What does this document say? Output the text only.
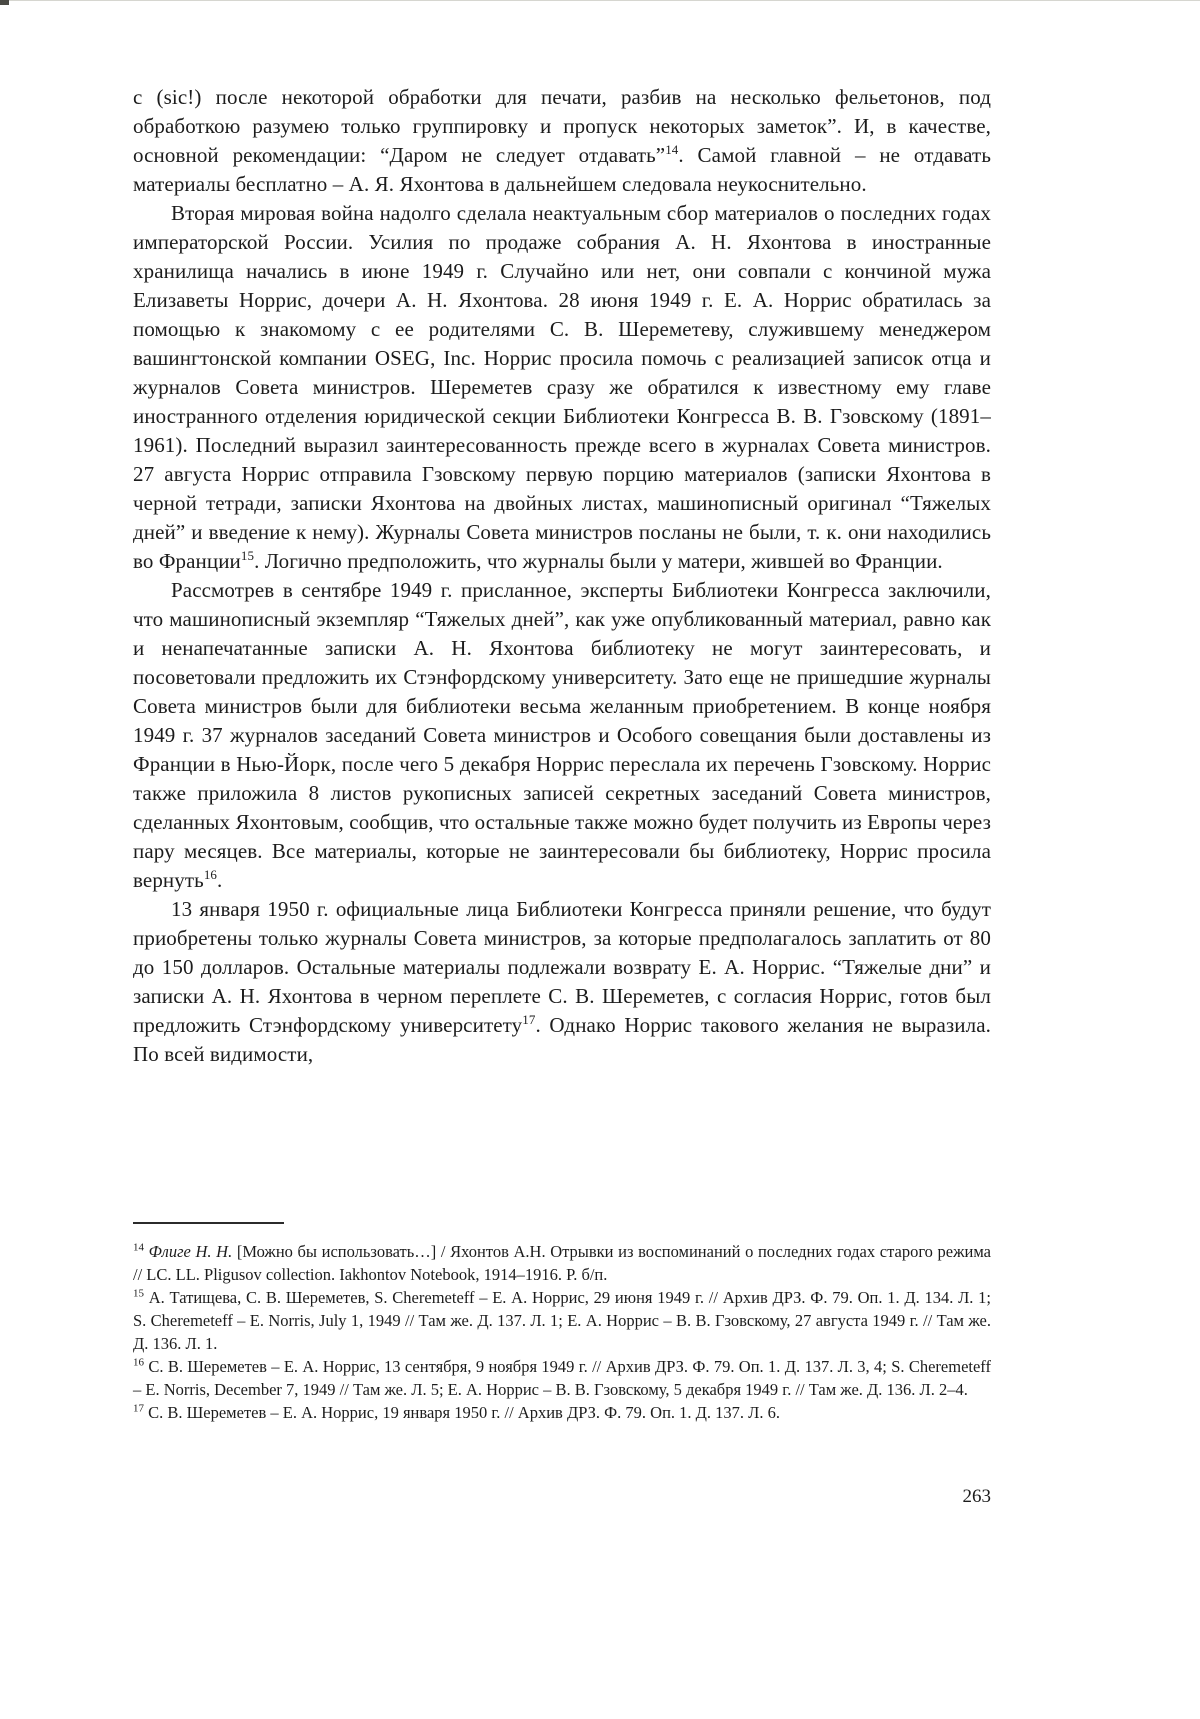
с (sic!) после некоторой обработки для печати, разбив на несколько фельетонов, под обработкою разумею только группировку и пропуск некоторых заметок”. И, в качестве, основной рекомендации: “Даром не следует отдавать”$^{14}$. Самой главной – не отдавать материалы бесплатно – А. Я. Яхонтова в дальнейшем следовала неукоснительно.

Вторая мировая война надолго сделала неактуальным сбор материалов о последних годах императорской России. Усилия по продаже собрания А. Н. Яхонтова в иностранные хранилища начались в июне 1949 г. Случайно или нет, они совпали с кончиной мужа Елизаветы Норрис, дочери А. Н. Яхонтова. 28 июня 1949 г. Е. А. Норрис обратилась за помощью к знакомому с ее родителями С. В. Шереметеву, служившему менеджером вашингтонской компании OSEG, Inc. Норрис просила помочь с реализацией записок отца и журналов Совета министров. Шереметев сразу же обратился к известному ему главе иностранного отделения юридической секции Библиотеки Конгресса В. В. Гзовскому (1891–1961). Последний выразил заинтересованность прежде всего в журналах Совета министров. 27 августа Норрис отправила Гзовскому первую порцию материалов (записки Яхонтова в черной тетради, записки Яхонтова на двойных листах, машинописный оригинал “Тяжелых дней” и введение к нему). Журналы Совета министров посланы не были, т. к. они находились во Франции$^{15}$. Логично предположить, что журналы были у матери, жившей во Франции.

Рассмотрев в сентябре 1949 г. присланное, эксперты Библиотеки Конгресса заключили, что машинописный экземпляр “Тяжелых дней”, как уже опубликованный материал, равно как и ненапечатанные записки А. Н. Яхонтова библиотеку не могут заинтересовать, и посоветовали предложить их Стэнфордскому университету. Зато еще не пришедшие журналы Совета министров были для библиотеки весьма желанным приобретением. В конце ноября 1949 г. 37 журналов заседаний Совета министров и Особого совещания были доставлены из Франции в Нью-Йорк, после чего 5 декабря Норрис переслала их перечень Гзовскому. Норрис также приложила 8 листов рукописных записей секретных заседаний Совета министров, сделанных Яхонтовым, сообщив, что остальные также можно будет получить из Европы через пару месяцев. Все материалы, которые не заинтересовали бы библиотеку, Норрис просила вернуть$^{16}$.

13 января 1950 г. официальные лица Библиотеки Конгресса приняли решение, что будут приобретены только журналы Совета министров, за которые предполагалось заплатить от 80 до 150 долларов. Остальные материалы подлежали возврату Е. А. Норрис. “Тяжелые дни” и записки А. Н. Яхонтова в черном переплете С. В. Шереметев, с согласия Норрис, готов был предложить Стэнфордскому университету$^{17}$. Однако Норрис такового желания не выразила. По всей видимости,

$^{14}$ Флиге Н. Н. [Можно бы использовать…] / Яхонтов А.Н. Отрывки из воспоминаний о последних годах старого режима // LC. LL. Pligusov collection. Iakhontov Notebook, 1914–1916. Р. б/п.

$^{15}$ А. Татищева, С. В. Шереметев, S. Cheremeteff – Е. А. Норрис, 29 июня 1949 г. // Архив ДРЗ. Ф. 79. Оп. 1. Д. 134. Л. 1; S. Cheremeteff – E. Norris, July 1, 1949 // Там же. Д. 137. Л. 1; Е. А. Норрис – В. В. Гзовскому, 27 августа 1949 г. // Там же. Д. 136. Л. 1.

$^{16}$ С. В. Шереметев – Е. А. Норрис, 13 сентября, 9 ноября 1949 г. // Архив ДРЗ. Ф. 79. Оп. 1. Д. 137. Л. 3, 4; S. Cheremeteff – E. Norris, December 7, 1949 // Там же. Л. 5; Е. А. Норрис – В. В. Гзовскому, 5 декабря 1949 г. // Там же. Д. 136. Л. 2–4.

$^{17}$ С. В. Шереметев – Е. А. Норрис, 19 января 1950 г. // Архив ДРЗ. Ф. 79. Оп. 1. Д. 137. Л. 6.

263
